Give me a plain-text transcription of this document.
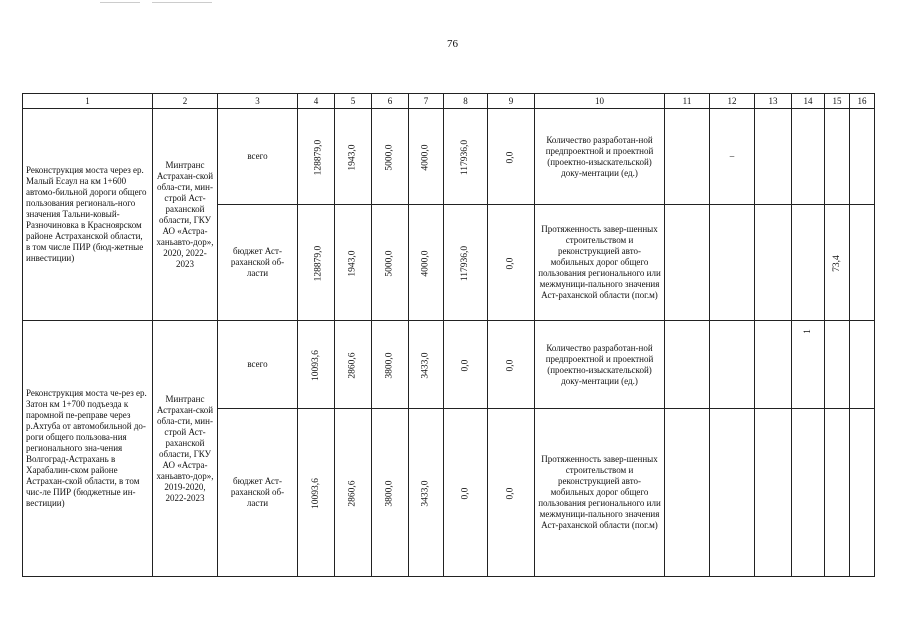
76
1	2	3	4	5	6	7	8	9	10	11	12	13	14	15	16
Реконструкция моста через ер. Малый Есаул на км 1+600 автомо-бильной дороги общего пользования региональ-ного значения Тальни-ковый-Разночиновка в Красноярском районе Астраханской области, в том числе ПИР (бюд-жетные инвестиции)	Минтранс Астрахан-ской обла-сти, мин-строй Аст-раханской области, ГКУ АО «Астра-ханьавто-дор», 2020, 2022-2023	всего	128879,0	1943,0	5000,0	4000,0	117936,0	0,0	Количество разработан-ной предпроектной и проектной (проектно-изыскательской) доку-ментации (ед.)		–				
		бюджет Аст-раханской об-ласти	128879,0	1943,0	5000,0	4000,0	117936,0	0,0	Протяженность завер-шенных строительством и реконструкцией авто-мобильных дорог общего пользования регионального или межмуници-пального значения Аст-раханской области (пог.м)					73,4	
Реконструкция моста че-рез ер. Затон км 1+700 подъезда к паромной пе-реправе через р.Ахтуба от автомобильной до-роги общего пользова-ния регионального зна-чения Волгоград-Астрахань в Харабалин-ском районе Астрахан-ской области, в том чис-ле ПИР (бюджетные ин-вестиции)	Минтранс Астрахан-ской обла-сти, мин-строй Аст-раханской области, ГКУ АО «Астра-ханьавто-дор», 2019-2020, 2022-2023	всего	10093,6	2860,6	3800,0	3433,0	0,0	0,0	Количество разработан-ной предпроектной и проектной (проектно-изыскательской) доку-ментации (ед.)				1		
		бюджет Аст-раханской об-ласти	10093,6	2860,6	3800,0	3433,0	0,0	0,0	Протяженность завер-шенных строительством и реконструкцией авто-мобильных дорог общего пользования регионального или межмуници-пального значения Аст-раханской области (пог.м)						
